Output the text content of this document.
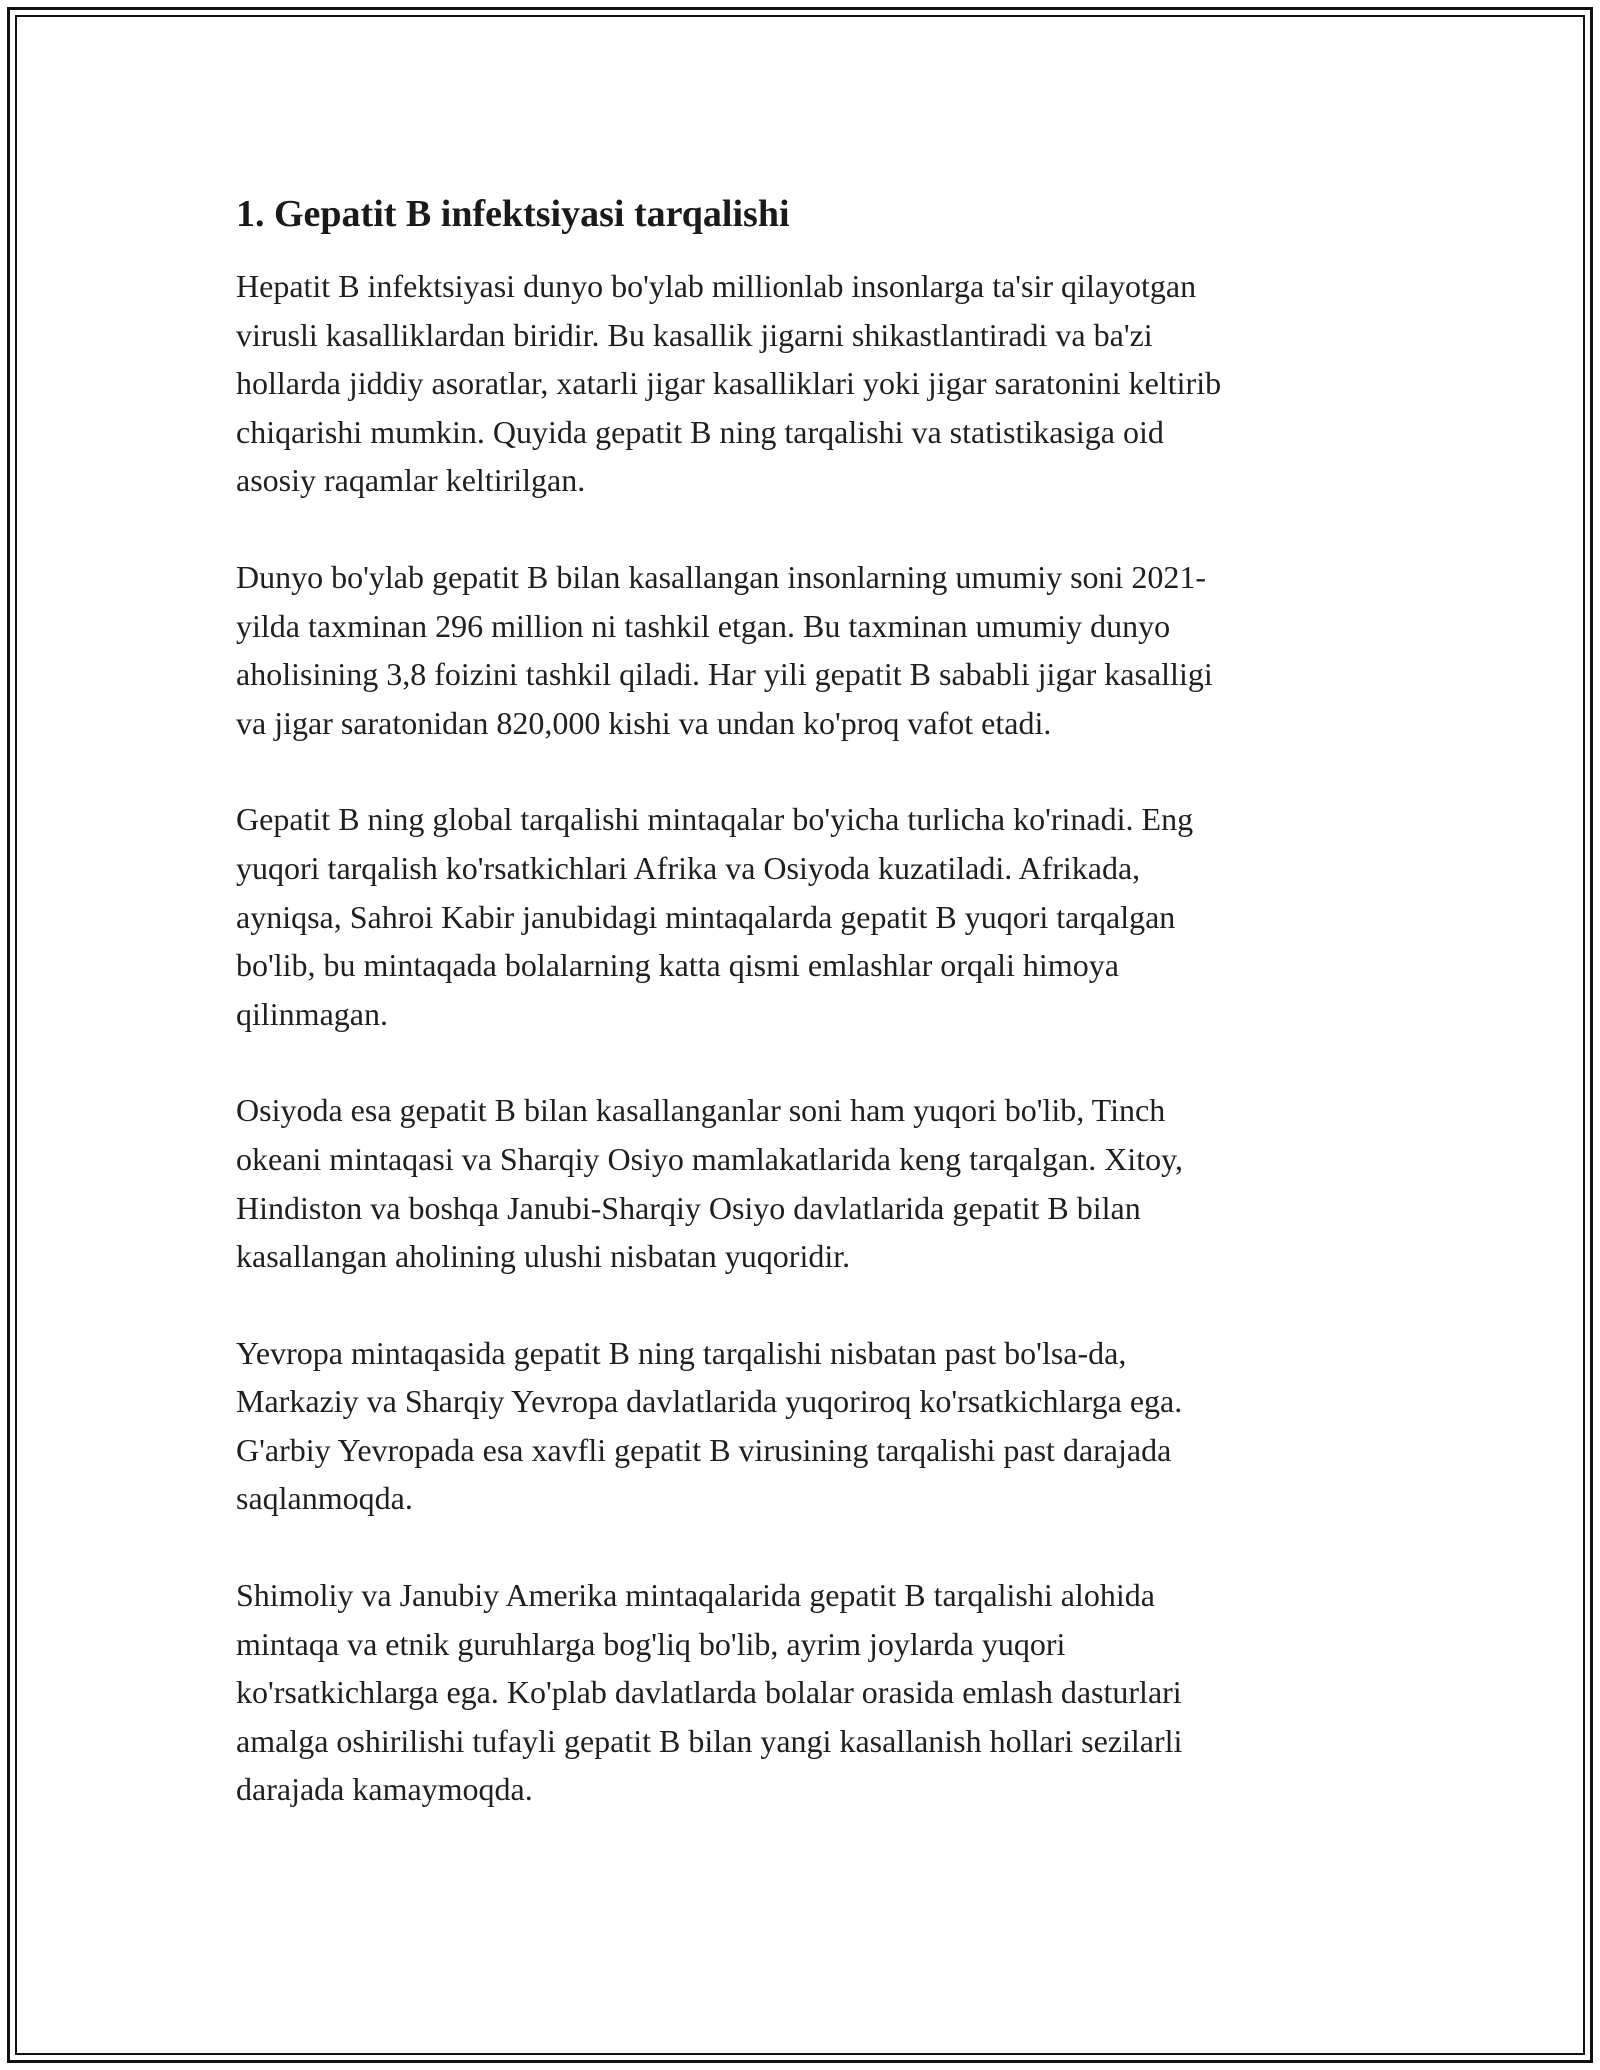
1. Gepatit B infektsiyasi tarqalishi

Hepatit B infektsiyasi dunyo bo'ylab millionlab insonlarga ta'sir qilayotgan
virusli kasalliklardan biridir. Bu kasallik jigarni shikastlantiradi va ba'zi
hollarda jiddiy asoratlar, xatarli jigar kasalliklari yoki jigar saratonini keltirib
chiqarishi mumkin. Quyida gepatit B ning tarqalishi va statistikasiga oid
asosiy raqamlar keltirilgan.

Dunyo bo'ylab gepatit B bilan kasallangan insonlarning umumiy soni 2021-
yilda taxminan 296 million ni tashkil etgan. Bu taxminan umumiy dunyo
aholisining 3,8 foizini tashkil qiladi. Har yili gepatit B sababli jigar kasalligi
va jigar saratonidan 820,000 kishi va undan ko'proq vafot etadi.

Gepatit B ning global tarqalishi mintaqalar bo'yicha turlicha ko'rinadi. Eng
yuqori tarqalish ko'rsatkichlari Afrika va Osiyoda kuzatiladi. Afrikada,
ayniqsa, Sahroi Kabir janubidagi mintaqalarda gepatit B yuqori tarqalgan
bo'lib, bu mintaqada bolalarning katta qismi emlashlar orqali himoya
qilinmagan.

Osiyoda esa gepatit B bilan kasallanganlar soni ham yuqori bo'lib, Tinch
okeani mintaqasi va Sharqiy Osiyo mamlakatlarida keng tarqalgan. Xitoy,
Hindiston va boshqa Janubi-Sharqiy Osiyo davlatlarida gepatit B bilan
kasallangan aholining ulushi nisbatan yuqoridir.

Yevropa mintaqasida gepatit B ning tarqalishi nisbatan past bo'lsa-da,
Markaziy va Sharqiy Yevropa davlatlarida yuqoriroq ko'rsatkichlarga ega.
G'arbiy Yevropada esa xavfli gepatit B virusining tarqalishi past darajada
saqlanmoqda.

Shimoliy va Janubiy Amerika mintaqalarida gepatit B tarqalishi alohida
mintaqa va etnik guruhlarga bog'liq bo'lib, ayrim joylarda yuqori
ko'rsatkichlarga ega. Ko'plab davlatlarda bolalar orasida emlash dasturlari
amalga oshirilishi tufayli gepatit B bilan yangi kasallanish hollari sezilarli
darajada kamaymoqda.
